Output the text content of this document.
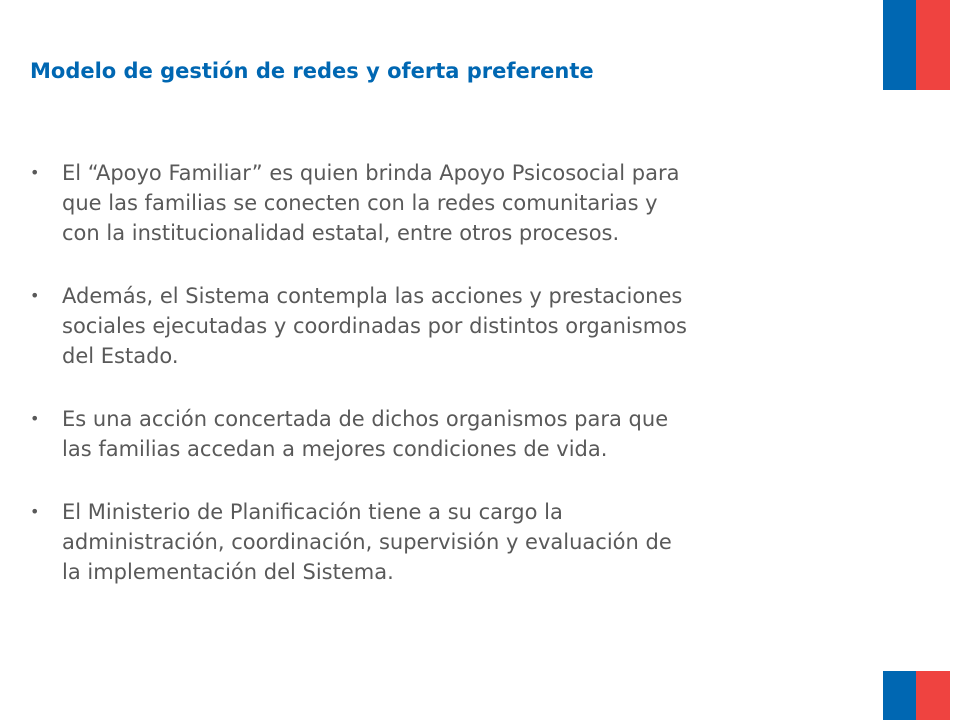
Modelo de gestión de redes y oferta preferente
• El “Apoyo Familiar” es quien brinda Apoyo Psicosocial para
que las familias se conecten con la redes comunitarias y
con la institucionalidad estatal, entre otros procesos.
• Además, el Sistema contempla las acciones y prestaciones
sociales ejecutadas y coordinadas por distintos organismos
del Estado.
• Es una acción concertada de dichos organismos para que
las familias accedan a mejores condiciones de vida.
• El Ministerio de Planificación tiene a su cargo la
administración, coordinación, supervisión y evaluación de
la implementación del Sistema.
